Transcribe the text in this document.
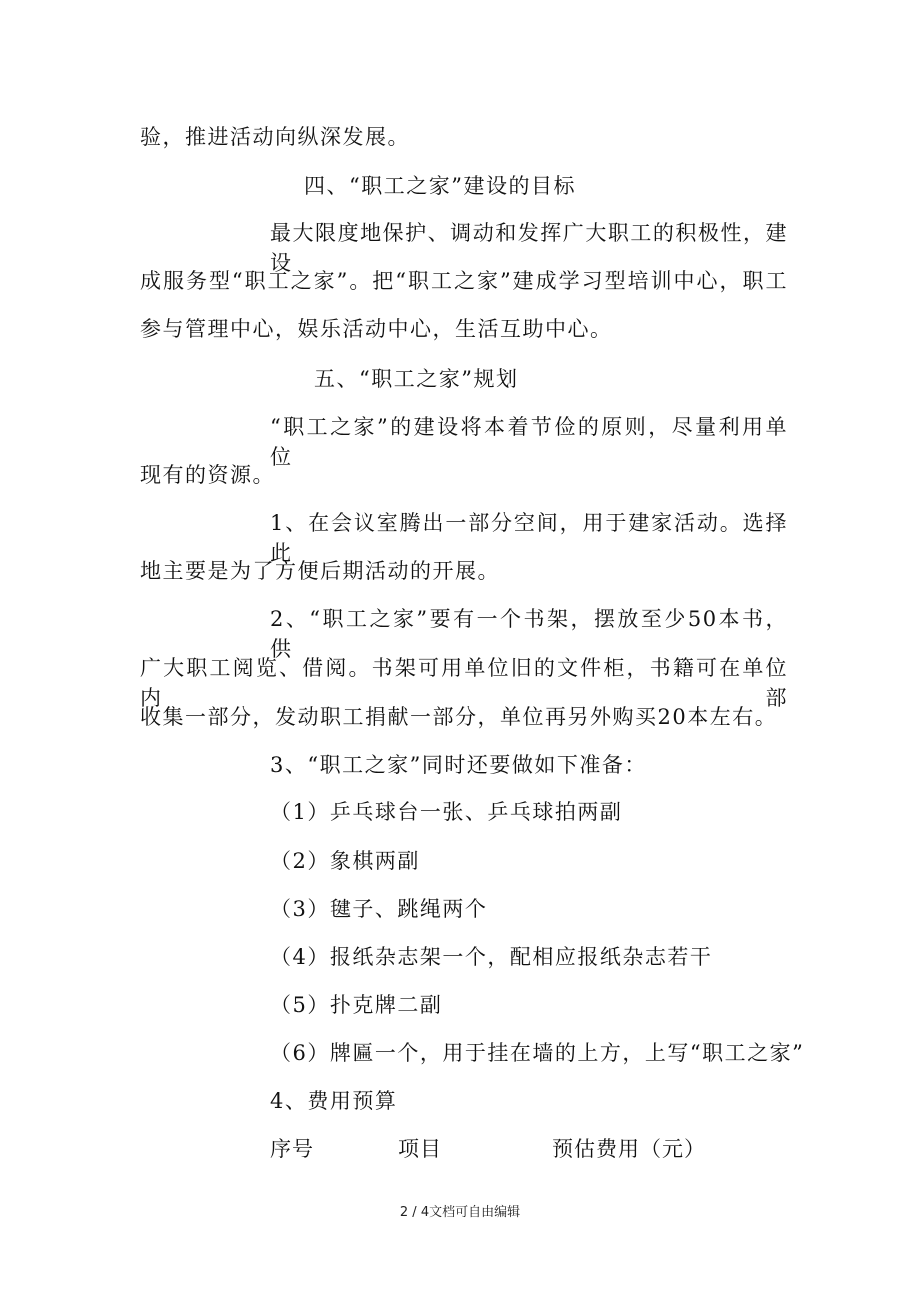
验，推进活动向纵深发展。
四、“职工之家”建设的目标
最大限度地保护、调动和发挥广大职工的积极性，建设
成服务型“职工之家”。把“职工之家”建成学习型培训中心，职工
参与管理中心，娱乐活动中心，生活互助中心。
五、“职工之家”规划
“职工之家”的建设将本着节俭的原则，尽量利用单位
现有的资源。
1、在会议室腾出一部分空间，用于建家活动。选择此
地主要是为了方便后期活动的开展。
2、“职工之家”要有一个书架，摆放至少50本书，供
广大职工阅览、借阅。书架可用单位旧的文件柜，书籍可在单位内部
收集一部分，发动职工捐献一部分，单位再另外购买20本左右。
3、“职工之家”同时还要做如下准备：
（1）乒乓球台一张、乒乓球拍两副
（2）象棋两副
（3）毽子、跳绳两个
（4）报纸杂志架一个，配相应报纸杂志若干
（5）扑克牌二副
（6）牌匾一个，用于挂在墙的上方，上写“职工之家”
4、费用预算
序号	项目	预估费用（元）
2 / 4文档可自由编辑
